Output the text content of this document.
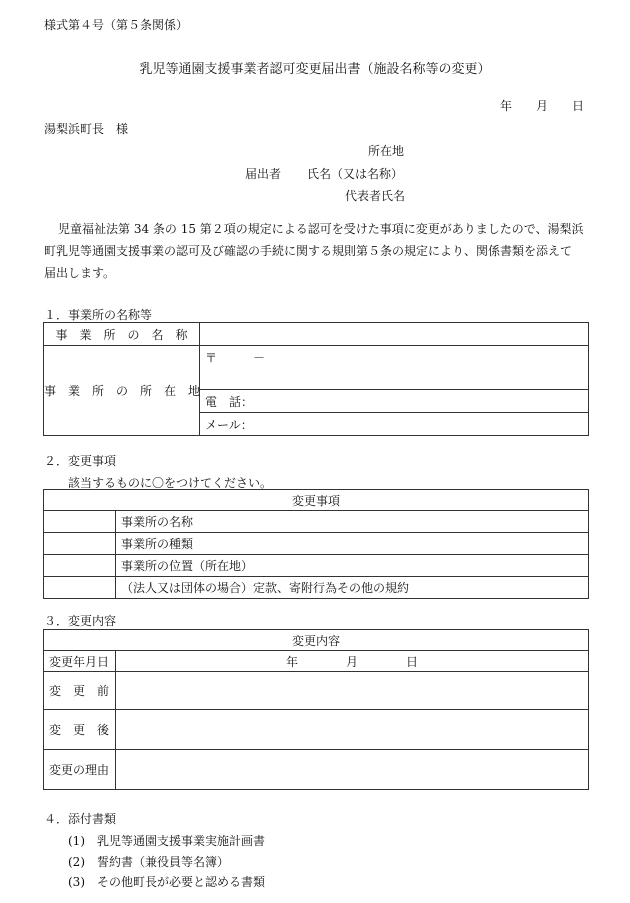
様式第４号（第５条関係）
乳児等通園支援事業者認可変更届出書（施設名称等の変更）
年　　月　　日
湯梨浜町長　様
所在地
届出者 氏名（又は名称）
代表者氏名
児童福祉法第 34 条の 15 第２項の規定による認可を受けた事項に変更がありましたので、湯梨浜
町乳児等通園支援事業の認可及び確認の手続に関する規則第５条の規定により、関係書類を添えて
届出します。
１．事業所の名称等
事　業　所　の　名　称	
事　業　所　の　所　在　地	〒　　　－
	電　話：
	メール：
２．変更事項
該当するものに〇をつけてください。
変更事項	
	事業所の名称
	事業所の種類
	事業所の位置（所在地）
	（法人又は団体の場合）定款、寄附行為その他の規約
３．変更内容
変更内容	
変更年月日	年　　　　月　　　　日
変　更　前	
変　更　後	
変更の理由	
４．添付書類
(1)　乳児等通園支援事業実施計画書
(2)　誓約書（兼役員等名簿）
(3)　その他町長が必要と認める書類
